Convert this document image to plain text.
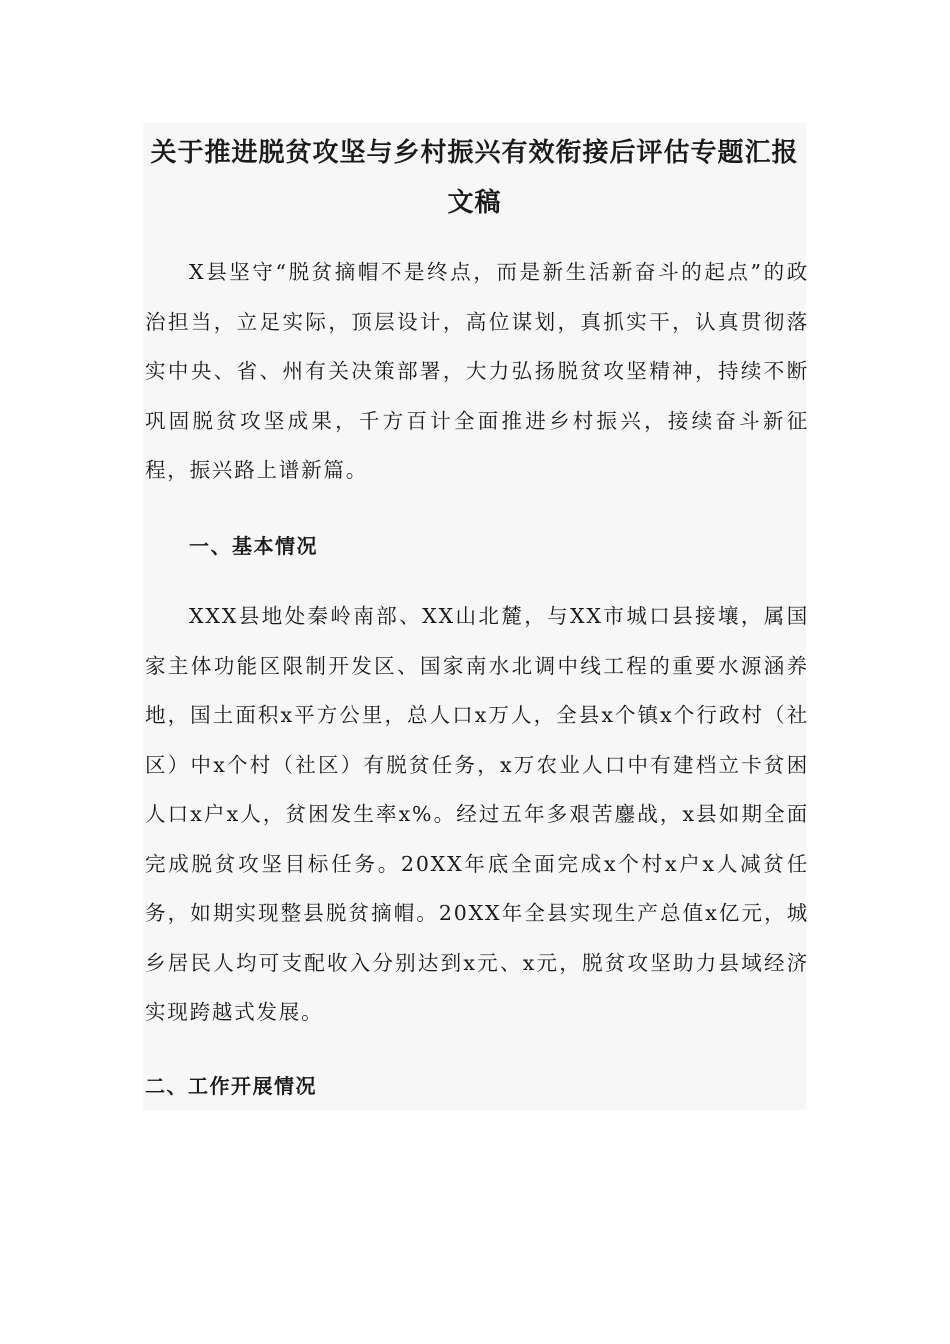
关于推进脱贫攻坚与乡村振兴有效衔接后评估专题汇报文稿
X县坚守“脱贫摘帽不是终点，而是新生活新奋斗的起点”的政治担当，立足实际，顶层设计，高位谋划，真抓实干，认真贯彻落实中央、省、州有关决策部署，大力弘扬脱贫攻坚精神，持续不断巩固脱贫攻坚成果，千方百计全面推进乡村振兴，接续奋斗新征程，振兴路上谱新篇。
一、基本情况
XXX县地处秦岭南部、XX山北麓，与XX市城口县接壤，属国家主体功能区限制开发区、国家南水北调中线工程的重要水源涵养地，国土面积x平方公里，总人口x万人，全县x个镇x个行政村（社区）中x个村（社区）有脱贫任务，x万农业人口中有建档立卡贫困人口x户x人，贫困发生率x%。经过五年多艰苦鏖战，x县如期全面完成脱贫攻坚目标任务。20XX年底全面完成x个村x户x人减贫任务，如期实现整县脱贫摘帽。20XX年全县实现生产总值x亿元，城乡居民人均可支配收入分别达到x元、x元，脱贫攻坚助力县域经济实现跨越式发展。
二、工作开展情况
